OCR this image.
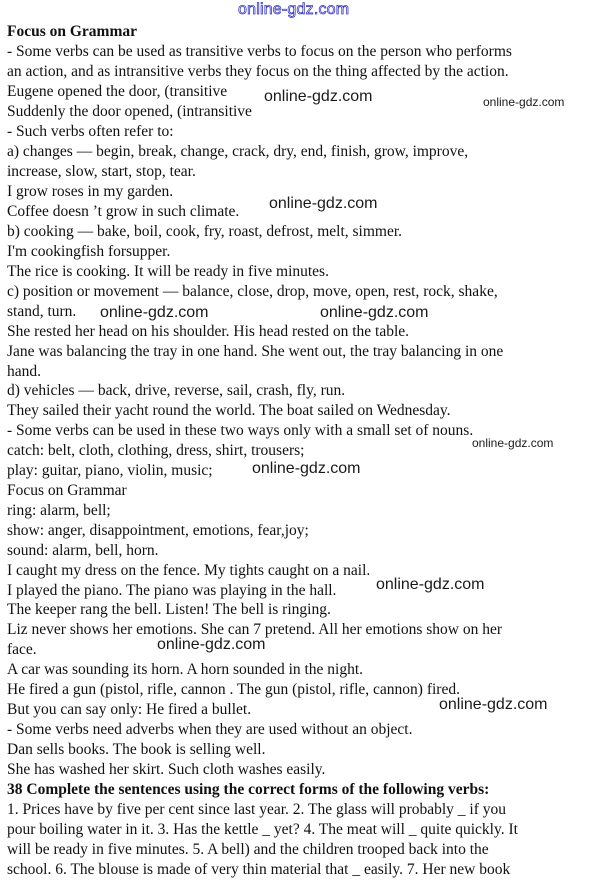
online-gdz.com
Focus on Grammar
- Some verbs can be used as transitive verbs to focus on the person who performs
an action, and as intransitive verbs they focus on the thing affected by the action.
Eugene opened the door, (transitive
Suddenly the door opened, (intransitive
- Such verbs often refer to:
a) changes — begin, break, change, crack, dry, end, finish, grow, improve,
increase, slow, start, stop, tear.
I grow roses in my garden.
Coffee doesn ’t grow in such climate.
b) cooking — bake, boil, cook, fry, roast, defrost, melt, simmer.
I'm cookingfish forsupper.
The rice is cooking. It will be ready in five minutes.
c) position or movement — balance, close, drop, move, open, rest, rock, shake,
stand, turn.
She rested her head on his shoulder. His head rested on the table.
Jane was balancing the tray in one hand. She went out, the tray balancing in one
hand.
d) vehicles — back, drive, reverse, sail, crash, fly, run.
They sailed their yacht round the world. The boat sailed on Wednesday.
- Some verbs can be used in these two ways only with a small set of nouns.
catch: belt, cloth, clothing, dress, shirt, trousers;
play: guitar, piano, violin, music;
Focus on Grammar
ring: alarm, bell;
show: anger, disappointment, emotions, fear,joy;
sound: alarm, bell, horn.
I caught my dress on the fence. My tights caught on a nail.
I played the piano. The piano was playing in the hall.
The keeper rang the bell. Listen! The bell is ringing.
Liz never shows her emotions. She can 7 pretend. All her emotions show on her
face.
A car was sounding its horn. A horn sounded in the night.
He fired a gun (pistol, rifle, cannon . The gun (pistol, rifle, cannon) fired.
But you can say only: He fired a bullet.
- Some verbs need adverbs when they are used without an object.
Dan sells books. The book is selling well.
She has washed her skirt. Such cloth washes easily.
38 Complete the sentences using the correct forms of the following verbs:
1. Prices have by five per cent since last year. 2. The glass will probably _ if you
pour boiling water in it. 3. Has the kettle _ yet? 4. The meat will _ quite quickly. It
will be ready in five minutes. 5. A bell) and the children trooped back into the
school. 6. The blouse is made of very thin material that _ easily. 7. Her new book
online-gdz.com	online-gdz.com
online-gdz.com
online-gdz.com	online-gdz.com
online-gdz.com
online-gdz.com
online-gdz.com
online-gdz.com
online-gdz.com
